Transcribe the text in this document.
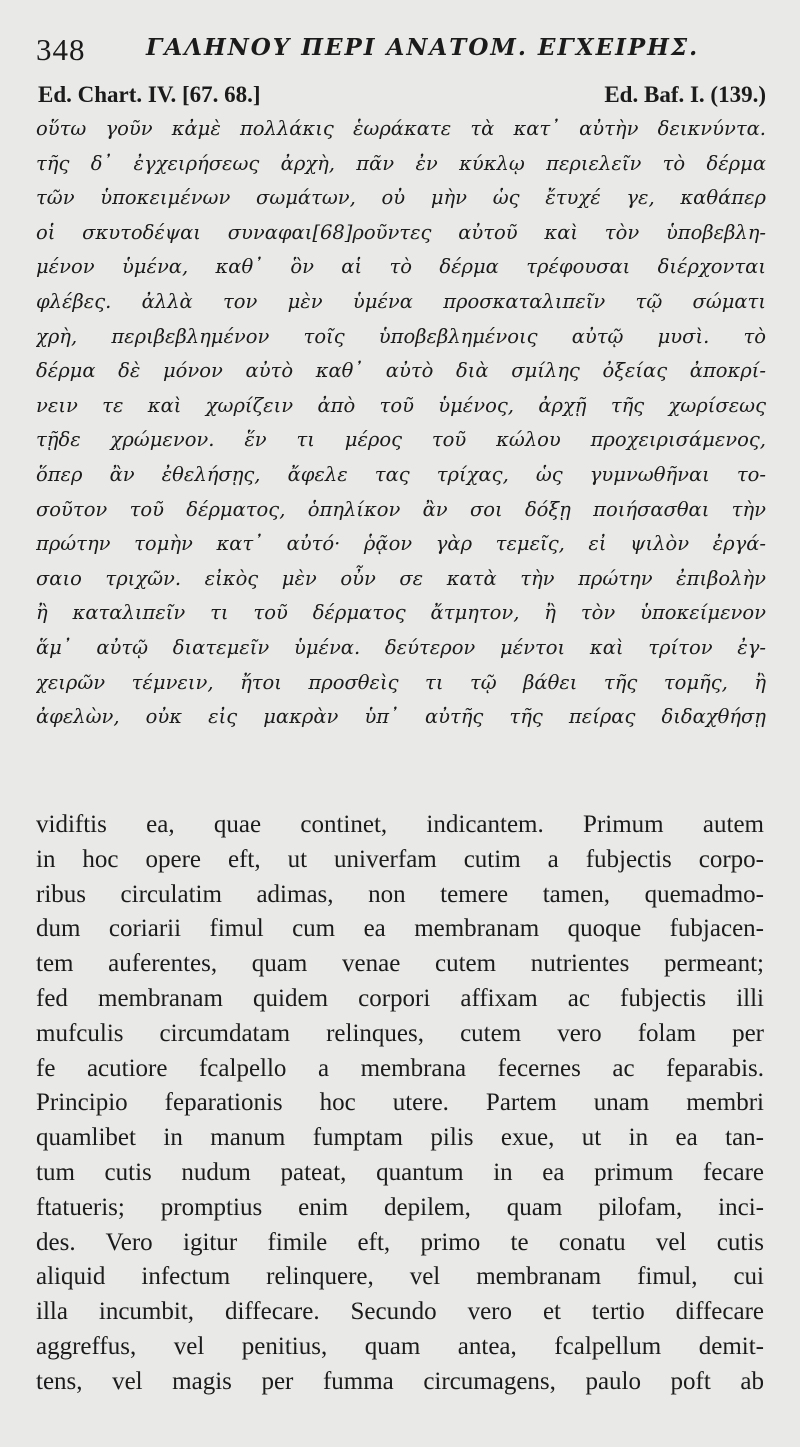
348	ΓΑΛΗΝΟΥ ΠΕΡΙ ΑΝΑΤΟΜ. ΕΓΧΕΙΡΗΣ.
Ed. Chart. IV. [67. 68.]	Ed. Baf. I. (139.)
οὕτω γοῦν κἀμὲ πολλάκις ἑωράκατε τὰ κατ᾽ αὐτὴν δεικνύντα.
τῆς δ᾽ ἐγχειρήσεως ἀρχὴ, πᾶν ἐν κύκλῳ περιελεῖν τὸ δέρμα
τῶν ὑποκειμένων σωμάτων, οὐ μὴν ὡς ἔτυχέ γε, καθάπερ
οἱ σκυτοδέψαι συναφαι[68]ροῦντες αὐτοῦ καὶ τὸν ὑποβεβλη-
μένον ὑμένα, καθ᾽ ὃν αἱ τὸ δέρμα τρέφουσαι διέρχονται
φλέβες. ἀλλὰ τον μὲν ὑμένα προσκαταλιπεῖν τῷ σώματι
χρὴ, περιβεβλημένον τοῖς ὑποβεβλημένοις αὐτῷ μυσὶ. τὸ
δέρμα δὲ μόνον αὐτὸ καθ᾽ αὐτὸ διὰ σμίλης ὀξείας ἀποκρί-
νειν τε καὶ χωρίζειν ἀπὸ τοῦ ὑμένος, ἀρχῇ τῆς χωρίσεως
τῇδε χρώμενον. ἕν τι μέρος τοῦ κώλου προχειρισάμενος,
ὅπερ ἂν ἐθελήσῃς, ἄφελε τας τρίχας, ὡς γυμνωθῆναι το-
σοῦτον τοῦ δέρματος, ὁπηλίκον ἂν σοι δόξῃ ποιήσασθαι τὴν
πρώτην τομὴν κατ᾽ αὐτό· ῥᾷον γὰρ τεμεῖς, εἰ ψιλὸν ἐργά-
σαιο τριχῶν. εἰκὸς μὲν οὖν σε κατὰ τὴν πρώτην ἐπιβολὴν
ἢ καταλιπεῖν τι τοῦ δέρματος ἄτμητον, ἢ τὸν ὑποκείμενον
ἅμ᾽ αὐτῷ διατεμεῖν ὑμένα. δεύτερον μέντοι καὶ τρίτον ἐγ-
χειρῶν τέμνειν, ἤτοι προσθεὶς τι τῷ βάθει τῆς τομῆς, ἢ
ἀφελὼν, οὐκ εἰς μακρὰν ὑπ᾽ αὐτῆς τῆς πείρας διδαχθήσῃ
vidiftis ea, quae continet, indicantem. Primum autem
in hoc opere eft, ut univerfam cutim a fubjectis corpo-
ribus circulatim adimas, non temere tamen, quemadmo-
dum coriarii fimul cum ea membranam quoque fubjacen-
tem auferentes, quam venae cutem nutrientes permeant;
fed membranam quidem corpori affixam ac fubjectis illi
mufculis circumdatam relinques, cutem vero folam per
fe acutiore fcalpello a membrana fecernes ac feparabis.
Principio feparationis hoc utere. Partem unam membri
quamlibet in manum fumptam pilis exue, ut in ea tan-
tum cutis nudum pateat, quantum in ea primum fecare
ftatueris; promptius enim depilem, quam pilofam, inci-
des. Vero igitur fimile eft, primo te conatu vel cutis
aliquid infectum relinquere, vel membranam fimul, cui
illa incumbit, diffecare. Secundo vero et tertio diffecare
aggreffus, vel penitius, quam antea, fcalpellum demit-
tens, vel magis per fumma circumagens, paulo poft ab
